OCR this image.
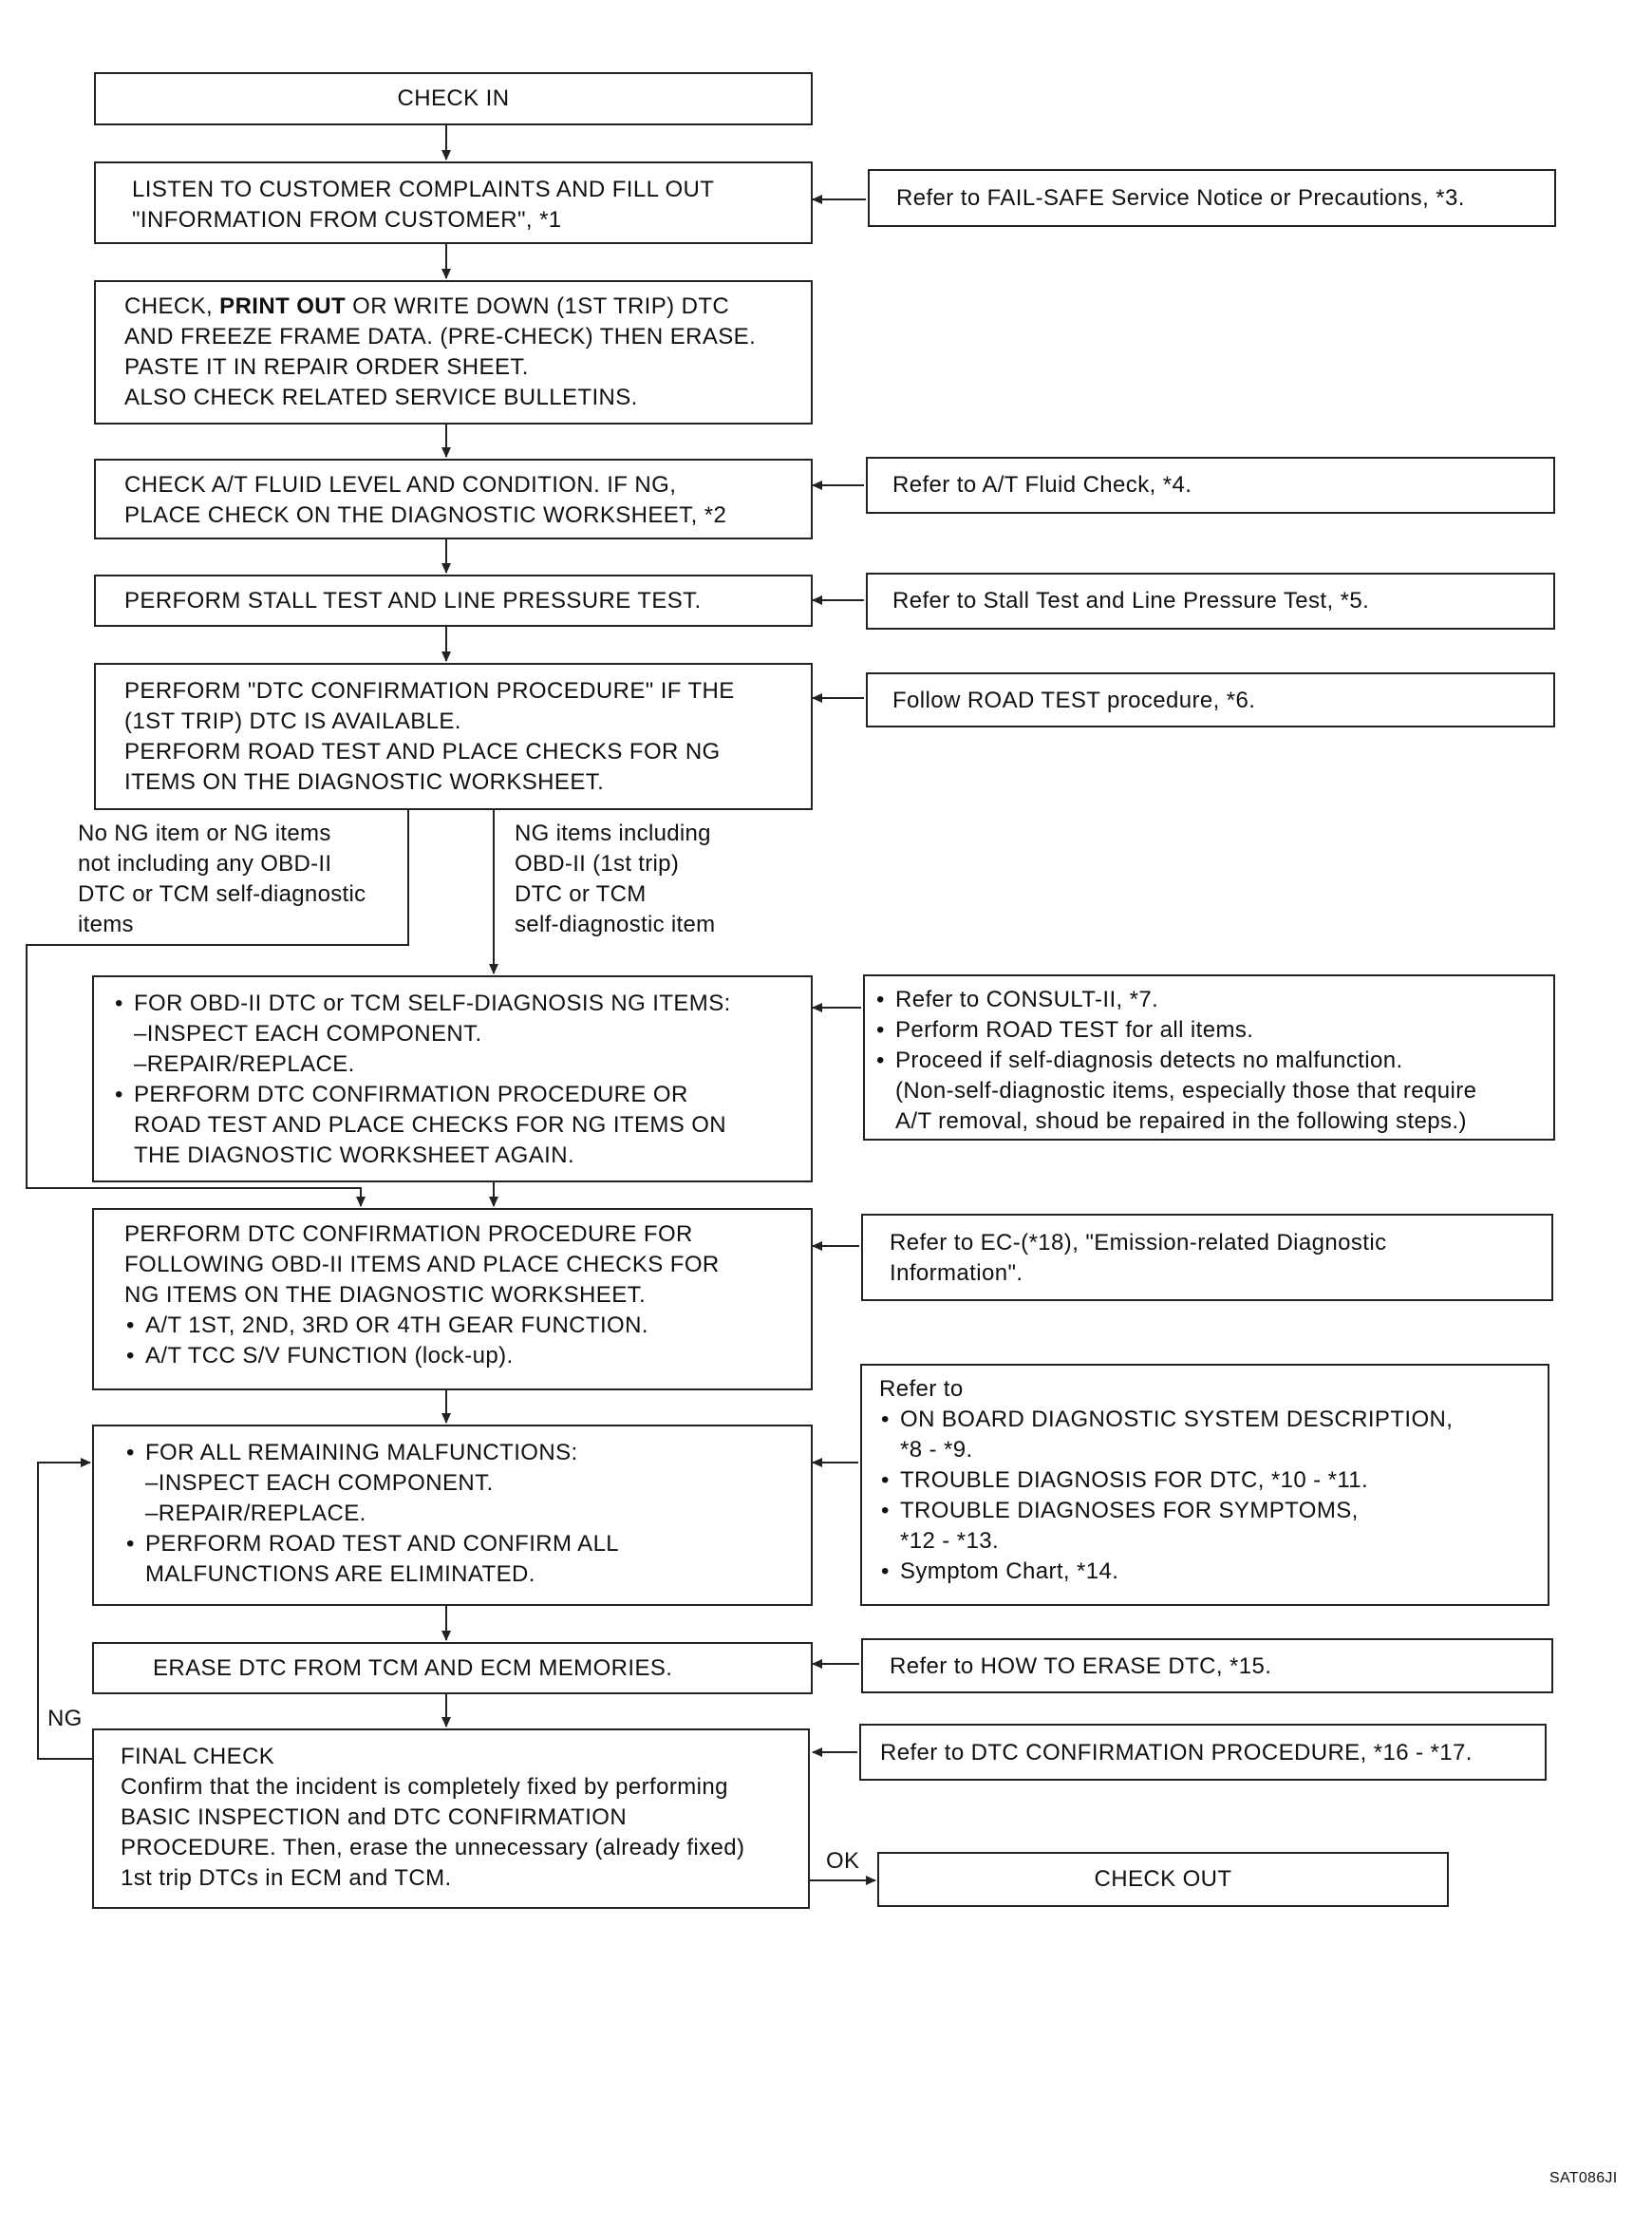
CHECK IN
LISTEN TO CUSTOMER COMPLAINTS AND FILL OUT
"INFORMATION FROM CUSTOMER", *1
CHECK, PRINT OUT OR WRITE DOWN (1ST TRIP) DTC
AND FREEZE FRAME DATA. (PRE-CHECK) THEN ERASE.
PASTE IT IN REPAIR ORDER SHEET.
ALSO CHECK RELATED SERVICE BULLETINS.
CHECK A/T FLUID LEVEL AND CONDITION. IF NG,
PLACE CHECK ON THE DIAGNOSTIC WORKSHEET, *2
PERFORM STALL TEST AND LINE PRESSURE TEST.
PERFORM "DTC CONFIRMATION PROCEDURE" IF THE
(1ST TRIP) DTC IS AVAILABLE.
PERFORM ROAD TEST AND PLACE CHECKS FOR NG
ITEMS ON THE DIAGNOSTIC WORKSHEET.
No NG item or NG items
not including any OBD-II
DTC or TCM self-diagnostic
items
NG items including
OBD-II (1st trip)
DTC or TCM
self-diagnostic item
• FOR OBD-II DTC or TCM SELF-DIAGNOSIS NG ITEMS:
–INSPECT EACH COMPONENT.
–REPAIR/REPLACE.
• PERFORM DTC CONFIRMATION PROCEDURE OR
ROAD TEST AND PLACE CHECKS FOR NG ITEMS ON
THE DIAGNOSTIC WORKSHEET AGAIN.
PERFORM DTC CONFIRMATION PROCEDURE FOR
FOLLOWING OBD-II ITEMS AND PLACE CHECKS FOR
NG ITEMS ON THE DIAGNOSTIC WORKSHEET.
• A/T 1ST, 2ND, 3RD OR 4TH GEAR FUNCTION.
• A/T TCC S/V FUNCTION (lock-up).
• FOR ALL REMAINING MALFUNCTIONS:
–INSPECT EACH COMPONENT.
–REPAIR/REPLACE.
• PERFORM ROAD TEST AND CONFIRM ALL
MALFUNCTIONS ARE ELIMINATED.
ERASE DTC FROM TCM AND ECM MEMORIES.
NG
FINAL CHECK
Confirm that the incident is completely fixed by performing
BASIC INSPECTION and DTC CONFIRMATION
PROCEDURE. Then, erase the unnecessary (already fixed)
1st trip DTCs in ECM and TCM.
OK
CHECK OUT
Refer to FAIL-SAFE Service Notice or Precautions, *3.
Refer to A/T Fluid Check, *4.
Refer to Stall Test and Line Pressure Test, *5.
Follow ROAD TEST procedure, *6.
• Refer to CONSULT-II, *7.
• Perform ROAD TEST for all items.
• Proceed if self-diagnosis detects no malfunction.
(Non-self-diagnostic items, especially those that require
A/T removal, shoud be repaired in the following steps.)
Refer to EC-(*18), "Emission-related Diagnostic
Information".
Refer to
• ON BOARD DIAGNOSTIC SYSTEM DESCRIPTION,
*8 - *9.
• TROUBLE DIAGNOSIS FOR DTC, *10 - *11.
• TROUBLE DIAGNOSES FOR SYMPTOMS,
*12 - *13.
• Symptom Chart, *14.
Refer to HOW TO ERASE DTC, *15.
Refer to DTC CONFIRMATION PROCEDURE, *16 - *17.
SAT086JI
